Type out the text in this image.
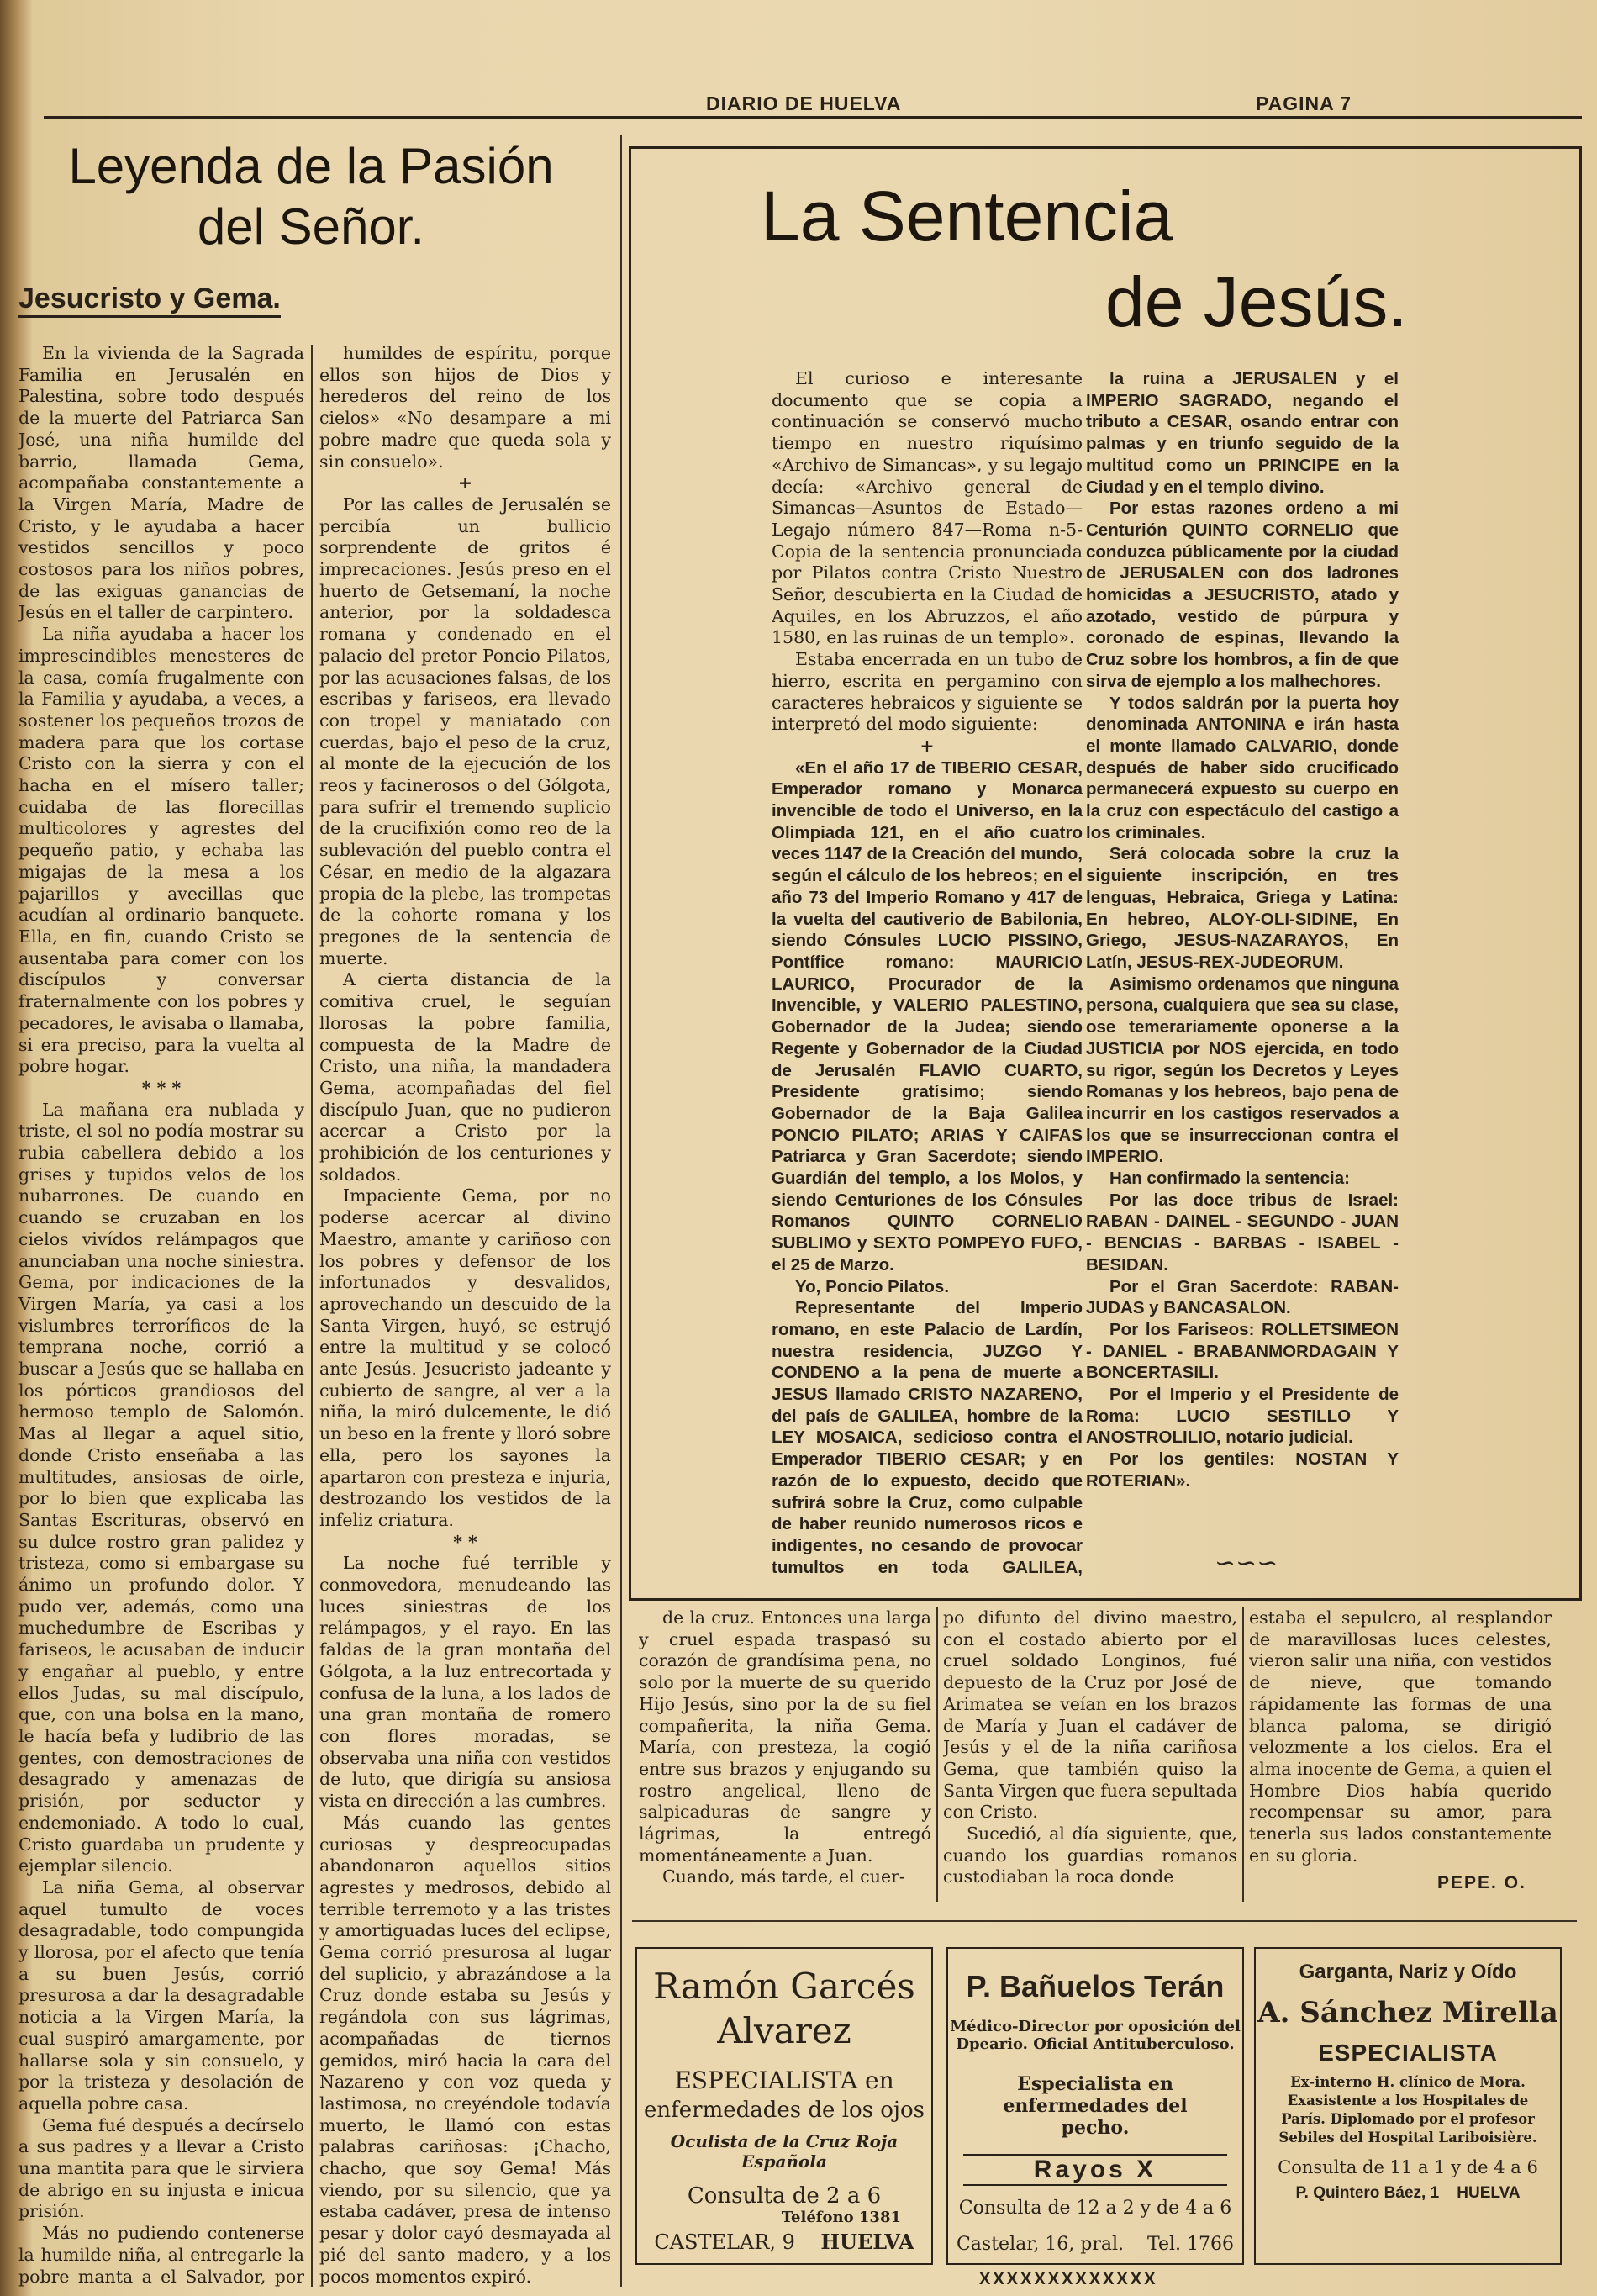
DIARIO DE HUELVA	PAGINA 7
Leyenda de la Pasión
del Señor.
Jesucristo y Gema.

En la vivienda de la Sagrada Familia en Jerusalén en Palestina, sobre todo después de la muerte del Patriarca San José, una niña humilde del barrio, llamada Gema, acompañaba constantemente a la Virgen María, Madre de Cristo, y le ayudaba a hacer vestidos sencillos y poco costosos para los niños pobres, de las exiguas ganancias de Jesús en el taller de carpintero.

La niña ayudaba a hacer los imprescindibles menesteres de la casa, comía frugalmente con la Familia y ayudaba, a veces, a sostener los pequeños trozos de madera para que los cortase Cristo con la sierra y con el hacha en el mísero taller; cuidaba de las florecillas multicolores y agrestes del pequeño patio, y echaba las migajas de la mesa a los pajarillos y avecillas que acudían al ordinario banquete. Ella, en fin, cuando Cristo se ausentaba para comer con los discípulos y conversar fraternalmente con los pobres y pecadores, le avisaba o llamaba, si era preciso, para la vuelta al pobre hogar.

* * *

La mañana era nublada y triste, el sol no podía mostrar su rubia cabellera debido a los grises y tupidos velos de los nubarrones. De cuando en cuando se cruzaban en los cielos vivídos relámpagos que anunciaban una noche siniestra. Gema, por indicaciones de la Virgen María, ya casi a los vislumbres terroríficos de la temprana noche, corrió a buscar a Jesús que se hallaba en los pórticos grandiosos del hermoso templo de Salomón. Mas al llegar a aquel sitio, donde Cristo enseñaba a las multitudes, ansiosas de oirle, por lo bien que explicaba las Santas Escrituras, observó en su dulce rostro gran palidez y tristeza, como si embargase su ánimo un profundo dolor. Y pudo ver, además, como una muchedumbre de Escribas y fariseos, le acusaban de inducir y engañar al pueblo, y entre ellos Judas, su mal discípulo, que, con una bolsa en la mano, le hacía befa y ludibrio de las gentes, con demostraciones de desagrado y amenazas de prisión, por seductor y endemoniado. A todo lo cual, Cristo guardaba un prudente y ejemplar silencio.

La niña Gema, al observar aquel tumulto de voces desagradable, todo compungida y llorosa, por el afecto que tenía a su buen Jesús, corrió presurosa a dar la desagradable noticia a la Virgen María, la cual suspiró amargamente, por hallarse sola y sin consuelo, y por la tristeza y desolación de aquella pobre casa.

Gema fué después a decírselo a sus padres y a llevar a Cristo una mantita para que le sirviera de abrigo en su injusta e inicua prisión.

Más no pudiendo contenerse la humilde niña, al entregarle la pobre manta a el Salvador, por

humildes de espíritu, porque ellos son hijos de Dios y herederos del reino de los cielos» «No desampare a mi pobre madre que queda sola y sin consuelo».

+

Por las calles de Jerusalén se percibía un bullicio sorprendente de gritos é imprecaciones. Jesús preso en el huerto de Getsemaní, la noche anterior, por la soldadesca romana y condenado en el palacio del pretor Poncio Pilatos, por las acusaciones falsas, de los escribas y fariseos, era llevado con tropel y maniatado con cuerdas, bajo el peso de la cruz, al monte de la ejecución de los reos y facinerosos o del Gólgota, para sufrir el tremendo suplicio de la crucifixión como reo de la sublevación del pueblo contra el César, en medio de la algazara propia de la plebe, las trompetas de la cohorte romana y los pregones de la sentencia de muerte.

A cierta distancia de la comitiva cruel, le seguían llorosas la pobre familia, compuesta de la Madre de Cristo, una niña, la mandadera Gema, acompañadas del fiel discípulo Juan, que no pudieron acercar a Cristo por la prohibición de los centuriones y soldados.

Impaciente Gema, por no poderse acercar al divino Maestro, amante y cariñoso con los pobres y defensor de los infortunados y desvalidos, aprovechando un descuido de la Santa Virgen, huyó, se estrujó entre la multitud y se colocó ante Jesús. Jesucristo jadeante y cubierto de sangre, al ver a la niña, la miró dulcemente, le dió un beso en la frente y lloró sobre ella, pero los sayones la apartaron con presteza e injuria, destrozando los vestidos de la infeliz criatura.

* *

La noche fué terrible y conmovedora, menudeando las luces siniestras de los relámpagos, y el rayo. En las faldas de la gran montaña del Gólgota, a la luz entrecortada y confusa de la luna, a los lados de una gran montaña de romero con flores moradas, se observaba una niña con vestidos de luto, que dirigía su ansiosa vista en dirección a las cumbres.

Más cuando las gentes curiosas y despreocupadas abandonaron aquellos sitios agrestes y medrosos, debido al terrible terremoto y a las tristes y amortiguadas luces del eclipse, Gema corrió presurosa al lugar del suplicio, y abrazándose a la Cruz donde estaba su Jesús y regándola con sus lágrimas, acompañadas de tiernos gemidos, miró hacia la cara del Nazareno y con voz queda y lastimosa, no creyéndole todavía muerto, le llamó con estas palabras cariñosas: ¡Chacho, chacho, que soy Gema! Más viendo, por su silencio, que ya estaba cadáver, presa de intenso pesar y dolor cayó desmayada al pié del santo madero, y a los pocos momentos expiró.

La Sentencia
de Jesús.

El curioso e interesante documento que se copia a continuación se conservó mucho tiempo en nuestro riquísimo «Archivo de Simancas», y su legajo decía: «Archivo general de Simancas—Asuntos de Estado—Legajo número 847—Roma n-5-Copia de la sentencia pronunciada por Pilatos contra Cristo Nuestro Señor, descubierta en la Ciudad de Aquiles, en los Abruzzos, el año 1580, en las ruinas de un templo».

Estaba encerrada en un tubo de hierro, escrita en pergamino con caracteres hebraicos y siguiente se interpretó del modo siguiente:

+

«En el año 17 de TIBERIO CESAR, Emperador romano y Monarca invencible de todo el Universo, en la Olimpiada 121, en el año cuatro veces 1147 de la Creación del mundo, según el cálculo de los hebreos; en el año 73 del Imperio Romano y 417 de la vuelta del cautiverio de Babilonia, siendo Cónsules LUCIO PISSINO, Pontífice romano: MAURICIO LAURICO, Procurador de la Invencible, y VALERIO PALESTINO, Gobernador de la Judea; siendo Regente y Gobernador de la Ciudad de Jerusalén FLAVIO CUARTO, Presidente gratísimo; siendo Gobernador de la Baja Galilea PONCIO PILATO; ARIAS Y CAIFAS Patriarca y Gran Sacerdote; siendo Guardián del templo, a los Molos, y siendo Centuriones de los Cónsules Romanos QUINTO CORNELIO SUBLIMO y SEXTO POMPEYO FUFO, el 25 de Marzo.

Yo, Poncio Pilatos.

Representante del Imperio romano, en este Palacio de Lardín, nuestra residencia, JUZGO Y CONDENO a la pena de muerte a JESUS llamado CRISTO NAZARENO, del país de GALILEA, hombre de la LEY MOSAICA, sedicioso contra el Emperador TIBERIO CESAR; y en razón de lo expuesto, decido que sufrirá sobre la Cruz, como culpable de haber reunido numerosos ricos e indigentes, no cesando de provocar tumultos en toda GALILEA,

la ruina a JERUSALEN y el IMPERIO SAGRADO, negando el tributo a CESAR, osando entrar con palmas y en triunfo seguido de la multitud como un PRINCIPE en la Ciudad y en el templo divino.

Por estas razones ordeno a mi Centurión QUINTO CORNELIO que conduzca públicamente por la ciudad de JERUSALEN con dos ladrones homicidas a JESUCRISTO, atado y azotado, vestido de púrpura y coronado de espinas, llevando la Cruz sobre los hombros, a fin de que sirva de ejemplo a los malhechores.

Y todos saldrán por la puerta hoy denominada ANTONINA e irán hasta el monte llamado CALVARIO, donde después de haber sido crucificado permanecerá expuesto su cuerpo en la cruz con espectáculo del castigo a los criminales.

Será colocada sobre la cruz la siguiente inscripción, en tres lenguas, Hebraica, Griega y Latina: En hebreo, ALOY-OLI-SIDINE, En Griego, JESUS-NAZARAYOS, En Latín, JESUS-REX-JUDEORUM.

Asimismo ordenamos que ninguna persona, cualquiera que sea su clase, ose temerariamente oponerse a la JUSTICIA por NOS ejercida, en todo su rigor, según los Decretos y Leyes Romanas y los hebreos, bajo pena de incurrir en los castigos reservados a los que se insurreccionan contra el IMPERIO.

Han confirmado la sentencia:

Por las doce tribus de Israel: RABAN - DAINEL - SEGUNDO - JUAN - BENCIAS - BARBAS - ISABEL - BESIDAN.

Por el Gran Sacerdote: RABAN-JUDAS y BANCASALON.

Por los Fariseos: ROLLETSIMEON - DANIEL - BRABANMORDAGAIN Y BONCERTASILI.

Por el Imperio y el Presidente de Roma: LUCIO SESTILLO Y ANOSTROLILIO, notario judicial.

Por los gentiles: NOSTAN Y ROTERIAN».

∽∽∽

de la cruz. Entonces una larga y cruel espada traspasó su corazón de grandísima pena, no solo por la muerte de su querido Hijo Jesús, sino por la de su fiel compañerita, la niña Gema. María, con presteza, la cogió entre sus brazos y enjugando su rostro angelical, lleno de salpicaduras de sangre y lágrimas, la entregó momentáneamente a Juan.

Cuando, más tarde, el cuer-

po difunto del divino maestro, con el costado abierto por el cruel soldado Longinos, fué depuesto de la Cruz por José de Arimatea se veían en los brazos de María y Juan el cadáver de Jesús y el de la niña cariñosa Gema, que también quiso la Santa Virgen que fuera sepultada con Cristo.

Sucedió, al día siguiente, que, cuando los guardias romanos custodiaban la roca donde

estaba el sepulcro, al resplandor de maravillosas luces celestes, vieron salir una niña, con vestidos de nieve, que tomando rápidamente las formas de una blanca paloma, se dirigió velozmente a los cielos. Era el alma inocente de Gema, a quien el Hombre Dios había querido recompensar su amor, para tenerla sus lados constantemente en su gloria.

PEPE. O.
Ramón Garcés
Alvarez
ESPECIALISTA en
enfermedades de los ojos
Oculista de la Cruz Roja Española
Consulta de 2 a 6
Teléfono 1381
CASTELAR, 9 HUELVA
P. Bañuelos Terán
Médico-Director por oposición del
Dpeario. Oficial Antituberculoso.
Especialista en enfermedades del pecho.
Rayos X
Consulta de 12 a 2 y de 4 a 6
Castelar, 16, pral. Tel. 1766
Garganta, Nariz y Oído
A. Sánchez Mirella
ESPECIALISTA
Ex-interno H. clínico de Mora. Exasistente a los Hospitales de París. Diplomado por el profesor Sebiles del Hospital Lariboisière.
Consulta de 11 a 1 y de 4 a 6
P. Quintero Báez, 1 HUELVA
XXXXXXXXXXXXX
